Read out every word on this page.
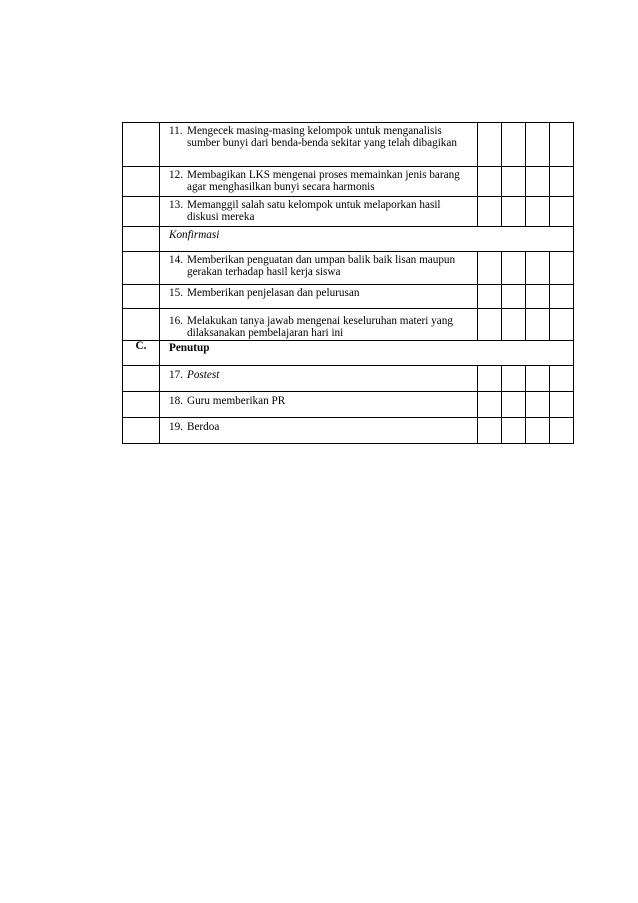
	11. Mengecek masing-masing kelompok untuk menganalisis sumber bunyi dari benda-benda sekitar yang telah dibagikan				

	12. Membagikan LKS mengenai proses memainkan jenis barang agar menghasilkan bunyi secara harmonis				

	13. Memanggil salah satu kelompok untuk melaporkan hasil diskusi mereka				

	Konfirmasi				

	14. Memberikan penguatan dan umpan balik baik lisan maupun gerakan terhadap hasil kerja siswa				

	15. Memberikan penjelasan dan pelurusan				

	16. Melakukan tanya jawab mengenai keseluruhan materi yang dilaksanakan pembelajaran hari ini				

C.	Penutup				

	17. Postest				

	18. Guru memberikan PR				

	19. Berdoa				
